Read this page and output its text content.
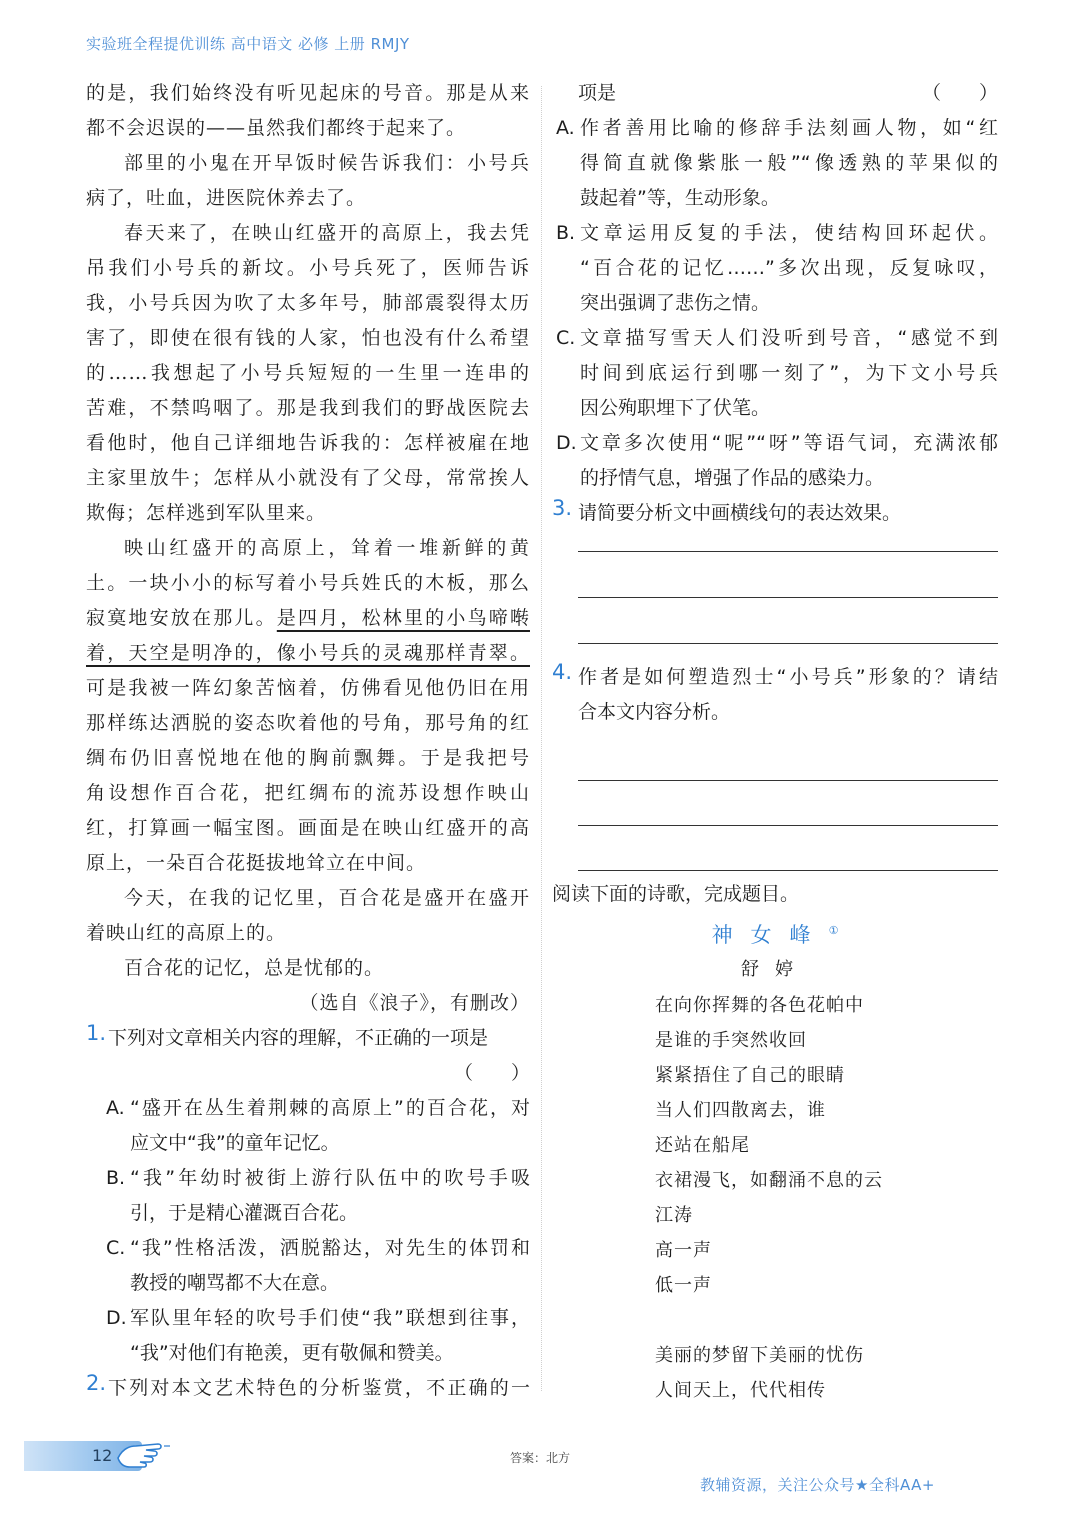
实验班全程提优训练 高中语文 必修 上册 RMJY

的是，我们始终没有听见起床的号音。那是从来

都不会迟误的——虽然我们都终于起来了。

部里的小鬼在开早饭时候告诉我们：小号兵

病了，吐血，进医院休养去了。

春天来了，在映山红盛开的高原上，我去凭

吊我们小号兵的新坟。小号兵死了，医师告诉

我，小号兵因为吹了太多年号，肺部震裂得太历

害了，即使在很有钱的人家，怕也没有什么希望

的……我想起了小号兵短短的一生里一连串的

苦难，不禁呜咽了。那是我到我们的野战医院去

看他时，他自己详细地告诉我的：怎样被雇在地

主家里放牛；怎样从小就没有了父母，常常挨人

欺侮；怎样逃到军队里来。

映山红盛开的高原上，耸着一堆新鲜的黄

土。一块小小的标写着小号兵姓氏的木板，那么

寂寞地安放在那儿。是四月，松林里的小鸟啼啭

着，天空是明净的，像小号兵的灵魂那样青翠。

可是我被一阵幻象苦恼着，仿佛看见他仍旧在用

那样练达洒脱的姿态吹着他的号角，那号角的红

绸布仍旧喜悦地在他的胸前飘舞。于是我把号

角设想作百合花，把红绸布的流苏设想作映山

红，打算画一幅宝图。画面是在映山红盛开的高

原上，一朵百合花挺拔地耸立在中间。

今天，在我的记忆里，百合花是盛开在盛开

着映山红的高原上的。

百合花的记忆，总是忧郁的。

（选自《浪子》，有删改）

1. 下列对文章相关内容的理解，不正确的一项是

（　　）
A. “盛开在丛生着荆棘的高原上”的百合花，对

应文中“我”的童年记忆。

B. “我”年幼时被街上游行队伍中的吹号手吸

引，于是精心灌溉百合花。

C. “我”性格活泼，洒脱豁达，对先生的体罚和

教授的嘲骂都不大在意。

D. 军队里年轻的吹号手们使“我”联想到往事，

“我”对他们有艳羡，更有敬佩和赞美。

2. 下列对本文艺术特色的分析鉴赏，不正确的一

项是	（　　）
A. 作者善用比喻的修辞手法刻画人物，如“红

得简直就像紫胀一般”“像透熟的苹果似的

鼓起着”等，生动形象。

B. 文章运用反复的手法，使结构回环起伏。

“百合花的记忆……”多次出现，反复咏叹，

突出强调了悲伤之情。

C. 文章描写雪天人们没听到号音，“感觉不到

时间到底运行到哪一刻了”，为下文小号兵

因公殉职埋下了伏笔。

D. 文章多次使用“呢”“呀”等语气词，充满浓郁

的抒情气息，增强了作品的感染力。

3. 请简要分析文中画横线句的表达效果。

4. 作者是如何塑造烈士“小号兵”形象的？请结

合本文内容分析。

阅读下面的诗歌，完成题目。

神女峰①
舒婷
在向你挥舞的各色花帕中
是谁的手突然收回
紧紧捂住了自己的眼睛
当人们四散离去，谁
还站在船尾
衣裙漫飞，如翻涌不息的云
江涛
高一声
低一声
美丽的梦留下美丽的忧伤
人间天上，代代相传
12	答案：北方
教辅资源，关注公众号★全科AA+
